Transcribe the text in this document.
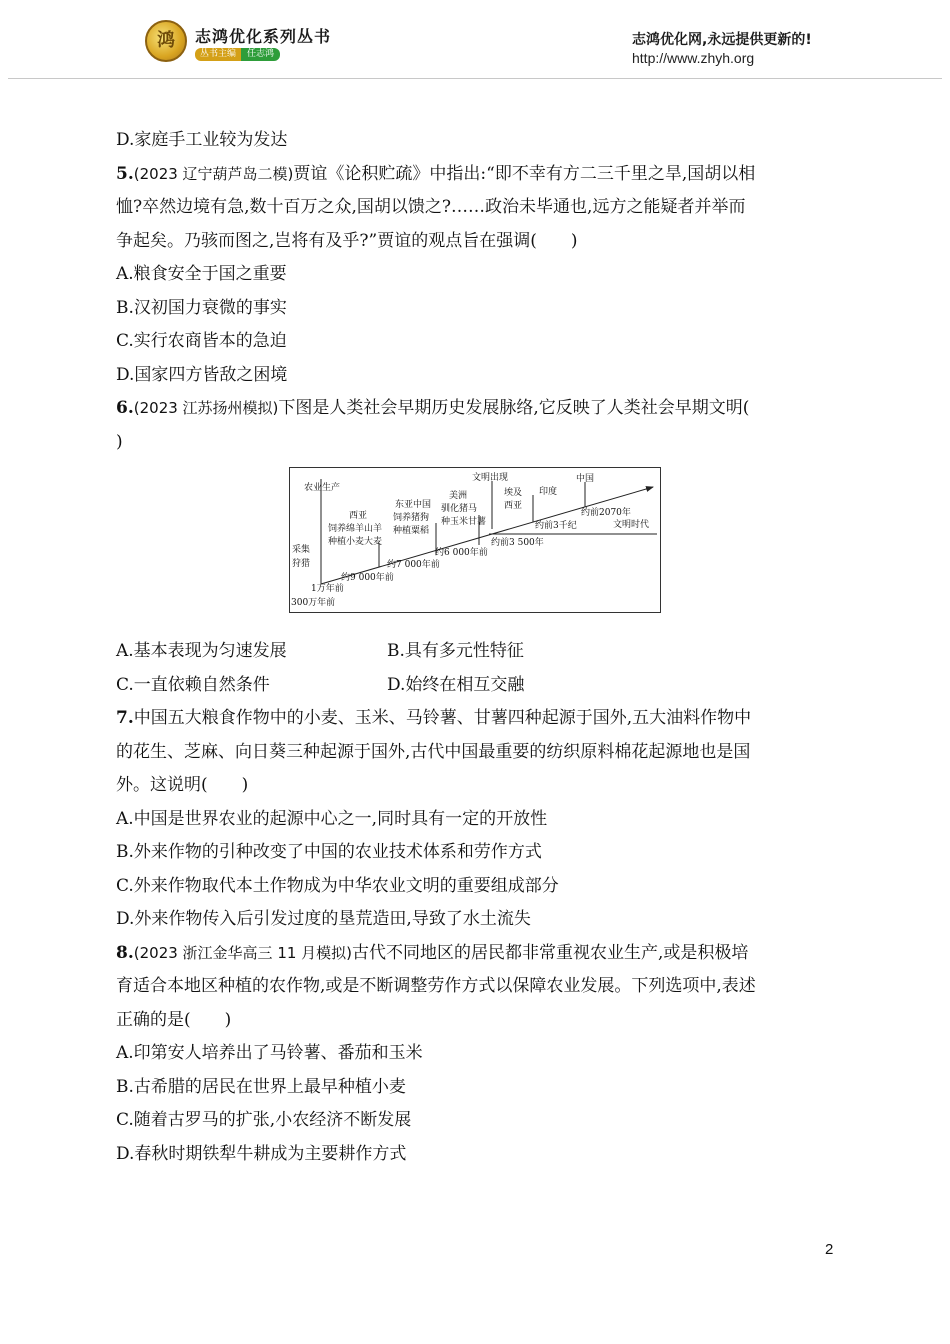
鸿	志鸿优化系列丛书
丛书主编 任志鸿
志鸿优化网,永远提供更新的!
http://www.zhyh.org
D.家庭手工业较为发达
5.(2023 辽宁葫芦岛二模)贾谊《论积贮疏》中指出:“即不幸有方二三千里之旱,国胡以相
恤?卒然边境有急,数十百万之众,国胡以馈之?……政治未毕通也,远方之能疑者并举而
争起矣。乃骇而图之,岂将有及乎?”贾谊的观点旨在强调(　　)
A.粮食安全于国之重要
B.汉初国力衰微的事实
C.实行农商皆本的急迫
D.国家四方皆敌之困境
6.(2023 江苏扬州模拟)下图是人类社会早期历史发展脉络,它反映了人类社会早期文明(
)
采集
狩猎
农业生产
文明出现
西亚
饲养绵羊山羊
种植小麦大麦
东亚中国
饲养猪狗
种植粟稻
美洲
驯化猪马
种玉米甘薯
埃及
西亚
印度
中国
文明时代
300万年前
1万年前
约9 000年前
约7 000年前
约6 000年前
约前3 500年
约前3千纪
约前2070年
A.基本表现为匀速发展	B.具有多元性特征
C.一直依赖自然条件	D.始终在相互交融
7.中国五大粮食作物中的小麦、玉米、马铃薯、甘薯四种起源于国外,五大油料作物中
的花生、芝麻、向日葵三种起源于国外,古代中国最重要的纺织原料棉花起源地也是国
外。这说明(　　)
A.中国是世界农业的起源中心之一,同时具有一定的开放性
B.外来作物的引种改变了中国的农业技术体系和劳作方式
C.外来作物取代本土作物成为中华农业文明的重要组成部分
D.外来作物传入后引发过度的垦荒造田,导致了水土流失
8.(2023 浙江金华高三 11 月模拟)古代不同地区的居民都非常重视农业生产,或是积极培
育适合本地区种植的农作物,或是不断调整劳作方式以保障农业发展。下列选项中,表述
正确的是(　　)
A.印第安人培养出了马铃薯、番茄和玉米
B.古希腊的居民在世界上最早种植小麦
C.随着古罗马的扩张,小农经济不断发展
D.春秋时期铁犁牛耕成为主要耕作方式
2
